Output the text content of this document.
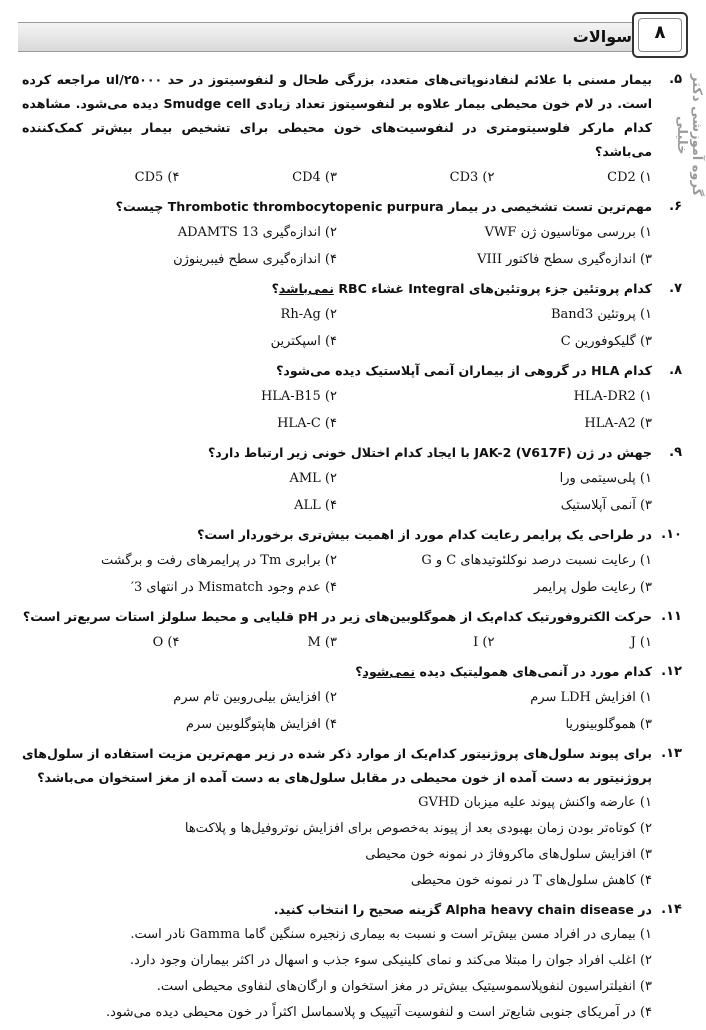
سوالات	۸
گروه آموزشی دکتر خلیلی
۵.
بیمار مسنی با علائم لنفادنوپاتی‌های متعدد، بزرگی طحال و لنفوسیتوز در حد ۲۵۰۰۰/ul مراجعه کرده است. در لام خون محیطی بیمار علاوه بر لنفوسیتوز تعداد زیادی Smudge cell دیده می‌شود. مشاهده کدام مارکر فلوسیتومتری در لنفوسیت‌های خون محیطی برای تشخیص بیمار بیش‌تر کمک‌کننده می‌باشد؟
۱) CD2
۲) CD3
۳) CD4
۴) CD5
۶.
مهم‌ترین تست تشخیصی در بیمار Thrombotic thrombocytopenic purpura چیست؟
۱) بررسی موتاسیون ژن VWF
۲) اندازه‌گیری ADAMTS 13
۳) اندازه‌گیری سطح فاکتور VIII
۴) اندازه‌گیری سطح فیبرینوژن
۷.
کدام پروتئین جزء پروتئین‌های Integral غشاء RBC نمی‌باشد؟
۱) پروتئین Band3
۲) Rh-Ag
۳) گلیکوفورین C
۴) اسپکترین
۸.
کدام HLA در گروهی از بیماران آنمی آپلاستیک دیده می‌شود؟
۱) HLA-DR2
۲) HLA-B15
۳) HLA-A2
۴) HLA-C
۹.
جهش در ژن JAK-2 (V617F) با ایجاد کدام اختلال خونی زیر ارتباط دارد؟
۱) پلی‌سیتمی ورا
۲) AML
۳) آنمی آپلاستیک
۴) ALL
۱۰.
در طراحی یک پرایمر رعایت کدام مورد از اهمیت بیش‌تری برخوردار است؟
۱) رعایت نسبت درصد نوکلئوتیدهای C و G
۲) برابری Tm در پرایمرهای رفت و برگشت
۳) رعایت طول پرایمر
۴) عدم وجود Mismatch در انتهای 3′
۱۱.
حرکت الکتروفورتیک کدام‌یک از هموگلوبین‌های زیر در pH قلیایی و محیط سلولز استات سریع‌تر است؟
۱) J
۲) I
۳) M
۴) O
۱۲.
کدام مورد در آنمی‌های همولیتیک دیده نمی‌شود؟
۱) افزایش LDH سرم
۲) افزایش بیلی‌روبین تام سرم
۳) هموگلوبینوریا
۴) افزایش هاپتوگلوبین سرم
۱۳.
برای پیوند سلول‌های پروژنیتور کدام‌یک از موارد ذکر شده در زیر مهم‌ترین مزیت استفاده از سلول‌های پروژنیتور به دست آمده از خون محیطی در مقابل سلول‌های به دست آمده از مغز استخوان می‌باشد؟
۱) عارضه واکنش پیوند علیه میزبان GVHD
۲) کوتاه‌تر بودن زمان بهبودی بعد از پیوند به‌خصوص برای افزایش نوتروفیل‌ها و پلاکت‌ها
۳) افزایش سلول‌های ماکروفاژ در نمونه خون محیطی
۴) کاهش سلول‌های T در نمونه خون محیطی
۱۴.
در Alpha heavy chain disease گزینه صحیح را انتخاب کنید.
۱) بیماری در افراد مسن بیش‌تر است و نسبت به بیماری زنجیره سنگین گاما Gamma نادر است.
۲) اغلب افراد جوان را مبتلا می‌کند و نمای کلینیکی سوء جذب و اسهال در اکثر بیماران وجود دارد.
۳) انفیلتراسیون لنفوپلاسموسیتیک بیش‌تر در مغز استخوان و ارگان‌های لنفاوی محیطی است.
۴) در آمریکای جنوبی شایع‌تر است و لنفوسیت آتیپیک و پلاسماسل اکثراً در خون محیطی دیده می‌شود.
